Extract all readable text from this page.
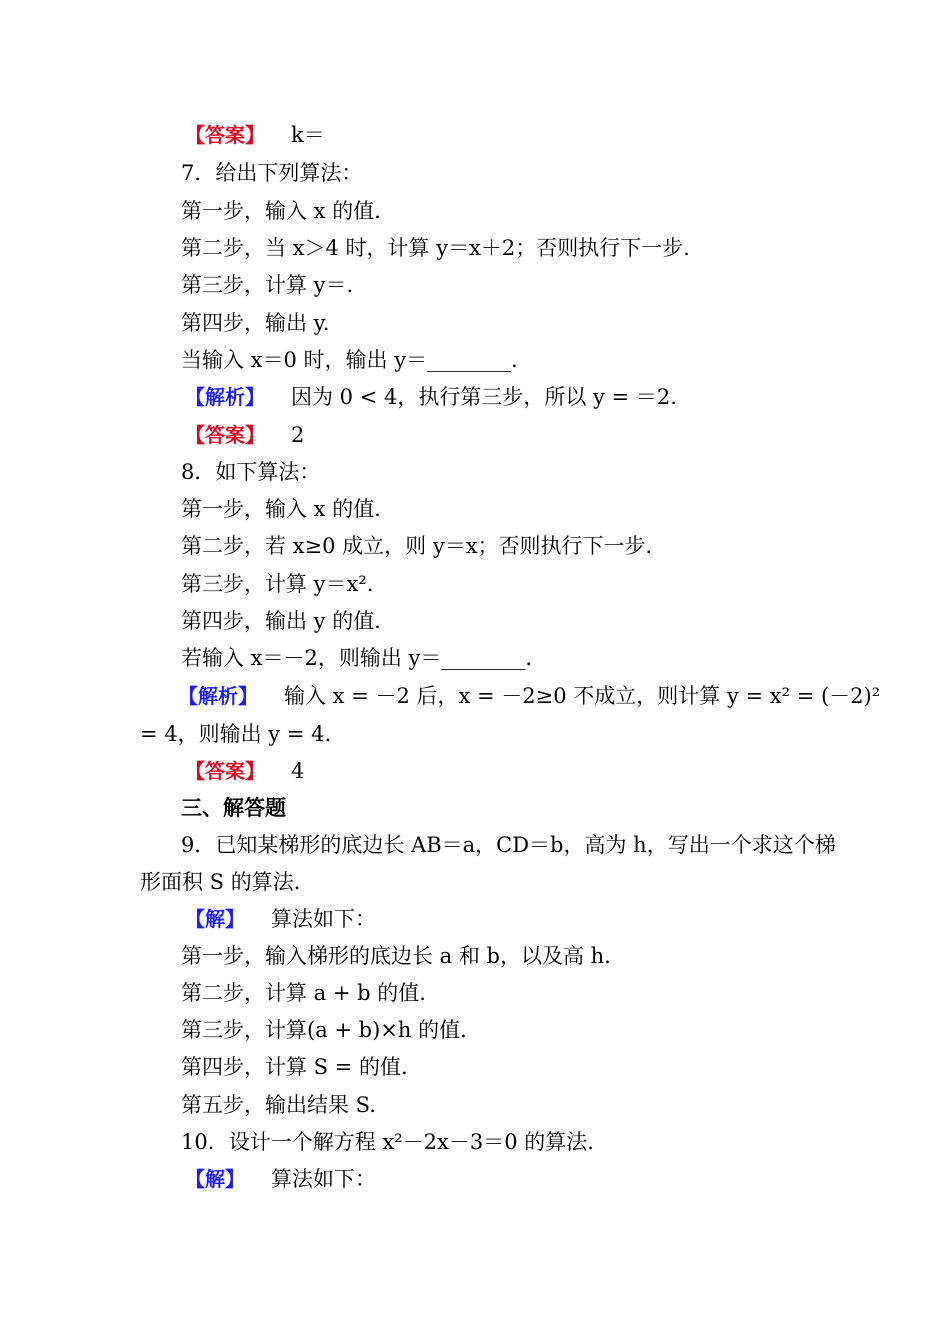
【答案】 k＝
7．给出下列算法：
第一步，输入 x 的值．
第二步，当 x＞4 时，计算 y＝x＋2；否则执行下一步．
第三步，计算 y＝.
第四步，输出 y.
当输入 x＝0 时，输出 y＝________．
【解析】 因为 0 < 4，执行第三步，所以 y = ＝2.
【答案】 2
8．如下算法：
第一步，输入 x 的值．
第二步，若 x≥0 成立，则 y＝x；否则执行下一步．
第三步，计算 y＝x².
第四步，输出 y 的值．
若输入 x＝－2，则输出 y＝________．
【解析】 输入 x = －2 后，x = －2≥0 不成立，则计算 y = x² = (－2)²
= 4，则输出 y = 4.
【答案】 4
三、解答题
9．已知某梯形的底边长 AB＝a，CD＝b，高为 h，写出一个求这个梯
形面积 S 的算法．
【解】 算法如下：
第一步，输入梯形的底边长 a 和 b，以及高 h.
第二步，计算 a + b 的值.
第三步，计算(a + b)×h 的值.
第四步，计算 S = 的值.
第五步，输出结果 S.
10．设计一个解方程 x²－2x－3＝0 的算法．
【解】 算法如下：
